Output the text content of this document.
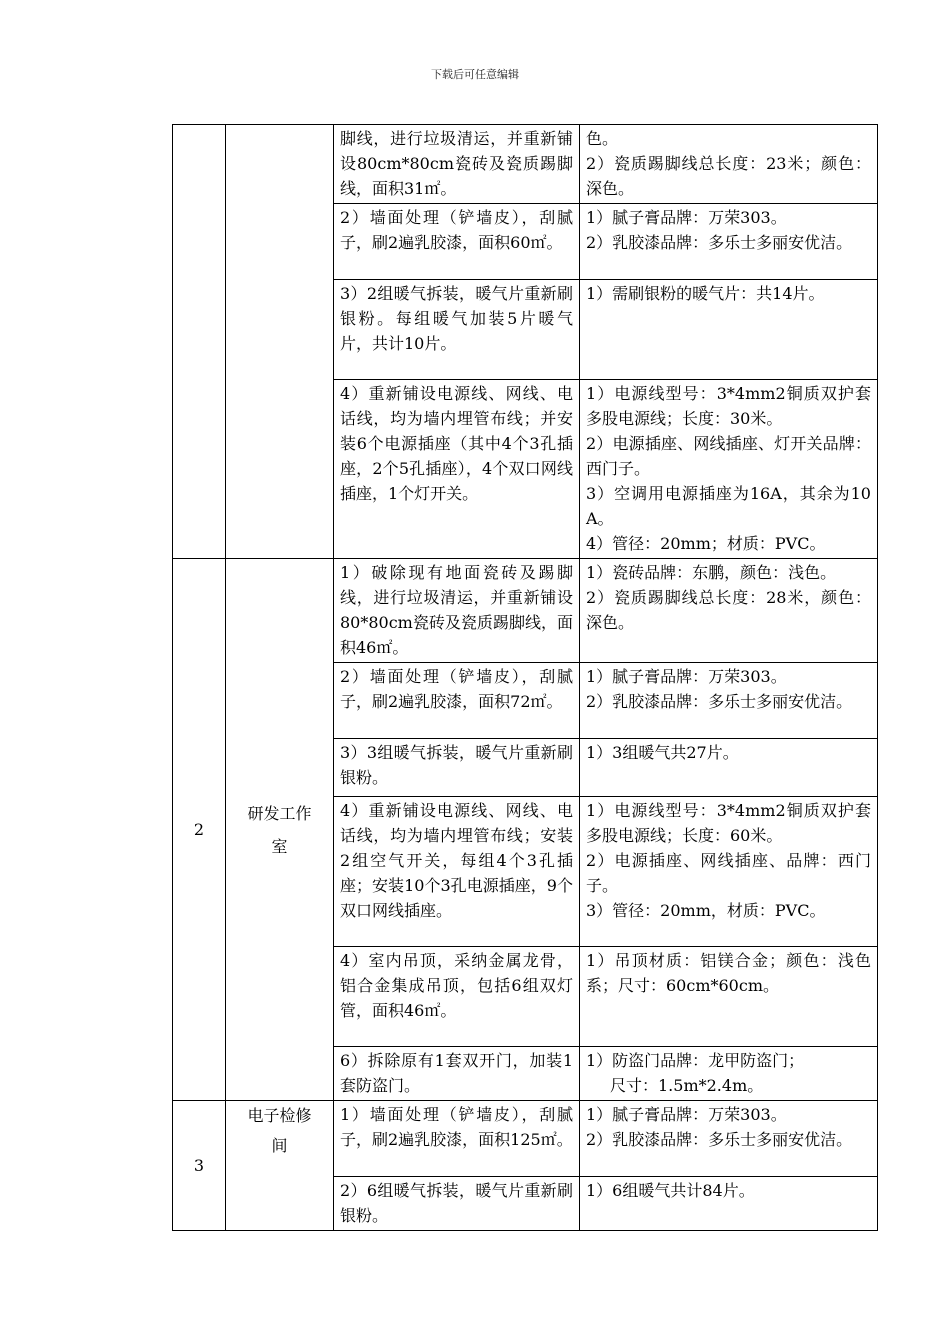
下载后可任意编辑

		脚线，进行垃圾清运，并重新铺设80cm*80cm瓷砖及瓷质踢脚线，面积31㎡。	色。
2）瓷质踢脚线总长度：23米；颜色：深色。

		2）墙面处理（铲墙皮），刮腻子，刷2遍乳胶漆，面积60㎡。	1）腻子膏品牌：万荣303。
2）乳胶漆品牌：多乐士多丽安优洁。

		3）2组暖气拆装，暖气片重新刷银粉。每组暖气加装5片暖气片，共计10片。	1）需刷银粉的暖气片：共14片。

		4）重新铺设电源线、网线、电话线，均为墙内埋管布线；并安装6个电源插座（其中4个3孔插座，2个5孔插座），4个双口网线插座，1个灯开关。	1）电源线型号：3*4mm2铜质双护套多股电源线；长度：30米。
2）电源插座、网线插座、灯开关品牌：西门子。
3）空调用电源插座为16A，其余为10A。
4）管径：20mm；材质：PVC。

2	研发工作室	1）破除现有地面瓷砖及踢脚线，进行垃圾清运，并重新铺设80*80cm瓷砖及瓷质踢脚线，面积46㎡。	1）瓷砖品牌：东鹏，颜色：浅色。
2）瓷质踢脚线总长度：28米，颜色：深色。

		2）墙面处理（铲墙皮），刮腻子，刷2遍乳胶漆，面积72㎡。	1）腻子膏品牌：万荣303。
2）乳胶漆品牌：多乐士多丽安优洁。

		3）3组暖气拆装，暖气片重新刷银粉。	1）3组暖气共27片。

		4）重新铺设电源线、网线、电话线，均为墙内埋管布线；安装2组空气开关，每组4个3孔插座；安装10个3孔电源插座，9个双口网线插座。	1）电源线型号：3*4mm2铜质双护套多股电源线；长度：60米。
2）电源插座、网线插座、品牌：西门子。
3）管径：20mm，材质：PVC。

		4）室内吊顶，采纳金属龙骨，铝合金集成吊顶，包括6组双灯管，面积46㎡。	1）吊顶材质：铝镁合金；颜色：浅色系；尺寸：60cm*60cm。

		6）拆除原有1套双开门，加装1套防盗门。	1）防盗门品牌：龙甲防盗门；
尺寸：1.5m*2.4m。

3	电子检修间	1）墙面处理（铲墙皮），刮腻子，刷2遍乳胶漆，面积125㎡。	1）腻子膏品牌：万荣303。
2）乳胶漆品牌：多乐士多丽安优洁。

		2）6组暖气拆装，暖气片重新刷银粉。	1）6组暖气共计84片。
